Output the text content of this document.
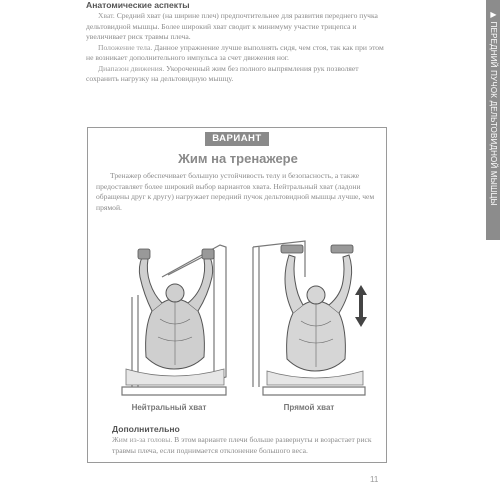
Анатомические аспекты

Хват. Средний хват (на ширине плеч) предпочтительнее для развития переднего пучка дельтовидной мышцы. Более широкий хват сводит к минимуму участие трицепса и увеличивает риск травмы плеча.

Положение тела. Данное упражнение лучше выполнять сидя, чем стоя, так как при этом не возникает дополнительного импульса за счет движения ног.

Диапазон движения. Укороченный жим без полного выпрямления рук позволяет сохранить нагрузку на дельтовидную мышцу.

▶ ПЕРЕДНИЙ ПУЧОК ДЕЛЬТОВИДНОЙ МЫШЦЫ
ВАРИАНТ
Жим на тренажере
Тренажер обеспечивает большую устойчивость телу и безопасность, а также предоставляет более широкий выбор вариантов хвата. Нейтральный хват (ладони обращены друг к другу) нагружает передний пучок дельтовидной мышцы лучше, чем прямой.
Нейтральный хват	Прямой хват
Дополнительно
Жим из-за головы. В этом варианте плечи больше развернуты и возрастает риск травмы плеча, если поднимается отклонение большого веса.
11
